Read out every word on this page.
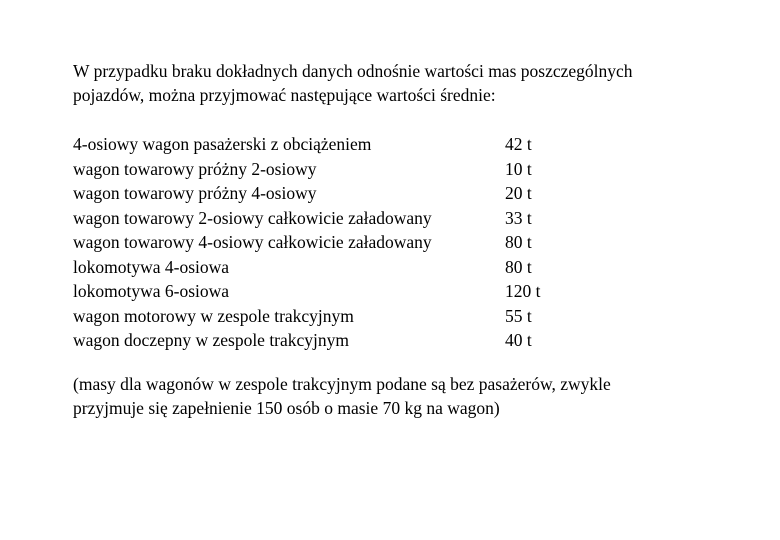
W przypadku braku dokładnych danych odnośnie wartości mas poszczególnych
pojazdów, można przyjmować następujące wartości średnie:

4-osiowy wagon pasażerski z obciążeniem	42 t
wagon towarowy próżny 2-osiowy	10 t
wagon towarowy próżny 4-osiowy	20 t
wagon towarowy 2-osiowy całkowicie załadowany	33 t
wagon towarowy 4-osiowy całkowicie załadowany	80 t
lokomotywa 4-osiowa	80 t
lokomotywa 6-osiowa	120 t
wagon motorowy w zespole trakcyjnym	55 t
wagon doczepny w zespole trakcyjnym	40 t

(masy dla wagonów w zespole trakcyjnym podane są bez pasażerów, zwykle
przyjmuje się zapełnienie 150 osób o masie 70 kg na wagon)
